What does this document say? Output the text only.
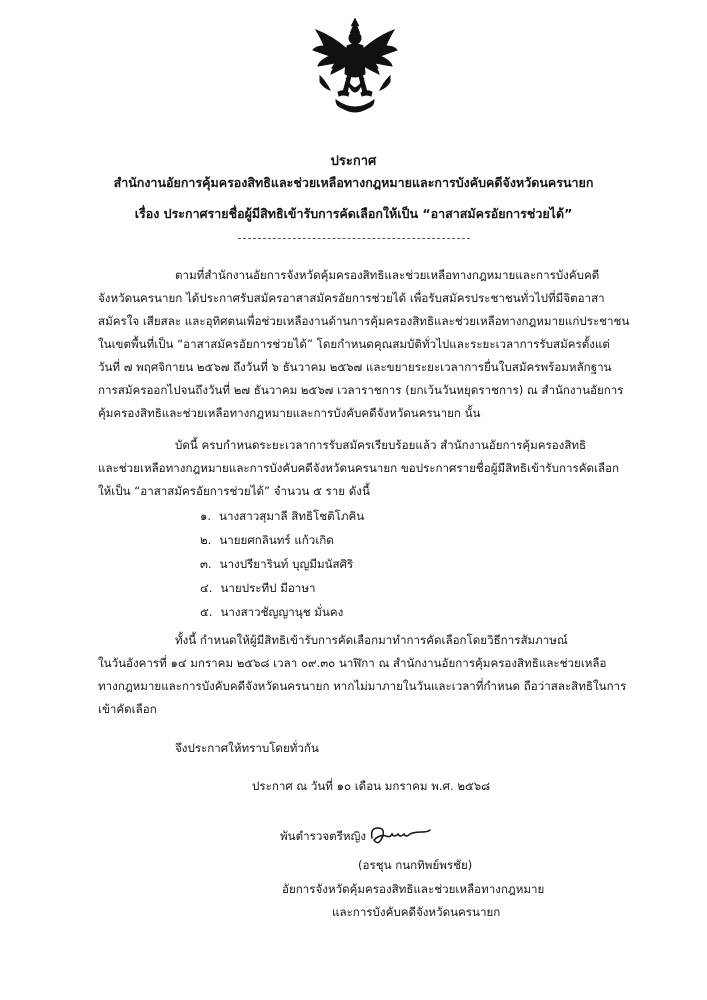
ประกาศ
สำนักงานอัยการคุ้มครองสิทธิและช่วยเหลือทางกฎหมายและการบังคับคดีจังหวัดนครนายก
เรื่อง ประกาศรายชื่อผู้มีสิทธิเข้ารับการคัดเลือกให้เป็น “อาสาสมัครอัยการช่วยได้”
ตามที่สำนักงานอัยการจังหวัดคุ้มครองสิทธิและช่วยเหลือทางกฎหมายและการบังคับคดี
จังหวัดนครนายก ได้ประกาศรับสมัครอาสาสมัครอัยการช่วยได้ เพื่อรับสมัครประชาชนทั่วไปที่มีจิตอาสา
สมัครใจ เสียสละ และอุทิศตนเพื่อช่วยเหลืองานด้านการคุ้มครองสิทธิและช่วยเหลือทางกฎหมายแก่ประชาชน
ในเขตพื้นที่เป็น “อาสาสมัครอัยการช่วยได้” โดยกำหนดคุณสมบัติทั่วไปและระยะเวลาการรับสมัครตั้งแต่
วันที่ ๗ พฤศจิกายน ๒๕๖๗ ถึงวันที่ ๖ ธันวาคม ๒๕๖๗ และขยายระยะเวลาการยื่นใบสมัครพร้อมหลักฐาน
การสมัครออกไปจนถึงวันที่ ๒๗ ธันวาคม ๒๕๖๗ เวลาราชการ (ยกเว้นวันหยุดราชการ) ณ สำนักงานอัยการ
คุ้มครองสิทธิและช่วยเหลือทางกฎหมายและการบังคับคดีจังหวัดนครนายก นั้น
บัดนี้ ครบกำหนดระยะเวลาการรับสมัครเรียบร้อยแล้ว สำนักงานอัยการคุ้มครองสิทธิ
และช่วยเหลือทางกฎหมายและการบังคับคดีจังหวัดนครนายก ขอประกาศรายชื่อผู้มีสิทธิเข้ารับการคัดเลือก
ให้เป็น “อาสาสมัครอัยการช่วยได้” จำนวน ๕ ราย ดังนี้
๑. นางสาวสุมาลี สิทธิโชติโภคิน
๒. นายยศกลินทร์ แก้วเกิด
๓. นางปรียารินท์ บุญมีมนัสศิริ
๔. นายประทีป มีอาษา
๕. นางสาวชัญญานุช มั่นคง
ทั้งนี้ กำหนดให้ผู้มีสิทธิเข้ารับการคัดเลือกมาทำการคัดเลือกโดยวิธีการสัมภาษณ์
ในวันอังคารที่ ๑๔ มกราคม ๒๕๖๘ เวลา ๐๙.๓๐ นาฬิกา ณ สำนักงานอัยการคุ้มครองสิทธิและช่วยเหลือ
ทางกฎหมายและการบังคับคดีจังหวัดนครนายก หากไม่มาภายในวันและเวลาที่กำหนด ถือว่าสละสิทธิในการ
เข้าคัดเลือก
จึงประกาศให้ทราบโดยทั่วกัน
ประกาศ ณ วันที่ ๑๐ เดือน มกราคม พ.ศ. ๒๕๖๘
พันตำรวจตรีหญิง
(อรชุน กนกทิพย์พรชัย)
อัยการจังหวัดคุ้มครองสิทธิและช่วยเหลือทางกฎหมาย
และการบังคับคดีจังหวัดนครนายก
